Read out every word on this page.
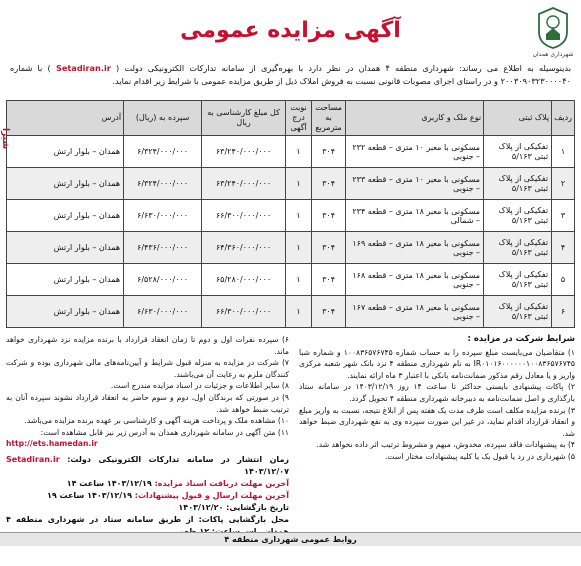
شیرا
شهرداری همدان
آگهی مزایده عمومی
بدینوسیله به اطلاع می رساند: شهرداری منطقه ۴ همدان در نظر دارد با بهره‌گیری از سامانه تدارکات الکترونیکی دولت ( Setadiran.ir ) با شماره ۲۰۰۳۰۹۰۳۲۳۰۰۰۰۴۰ و در راستای اجرای مصوبات قانونی نسبت به فروش املاک ذیل از طریق مزایده عمومی با شرایط زیر اقدام نماید.
ردیف	پلاک ثبتی	نوع ملک و کاربری	مساحت به مترمربع	نوبت درج آگهی	کل مبلغ کارشناسی به ریال	سپرده به (ریال)	آدرس
۱	تفکیکی از پلاک ثبتی ۵/۱۶۳	مسکونی با معبر ۱۰ متری – قطعه ۲۳۲ – جنوبی	۳۰۴	۱	۶۳/۲۴۰/۰۰۰/۰۰۰	۶/۳۲۴/۰۰۰/۰۰۰	همدان – بلوار ارتش
۲	تفکیکی از پلاک ثبتی ۵/۱۶۳	مسکونی با معبر ۱۰ متری – قطعه ۲۳۳ – جنوبی	۳۰۴	۱	۶۳/۲۴۰/۰۰۰/۰۰۰	۶/۳۲۴/۰۰۰/۰۰۰	همدان – بلوار ارتش
۳	تفکیکی از پلاک ثبتی ۵/۱۶۳	مسکونی با معبر ۱۸ متری – قطعه ۲۳۴ – شمالی	۳۰۴	۱	۶۶/۳۰۰/۰۰۰/۰۰۰	۶/۶۳۰/۰۰۰/۰۰۰	همدان – بلوار ارتش
۴	تفکیکی از پلاک ثبتی ۵/۱۶۳	مسکونی با معبر ۱۸ متری – قطعه ۱۶۹ – جنوبی	۳۰۴	۱	۶۴/۳۶۰/۰۰۰/۰۰۰	۶/۴۳۶/۰۰۰/۰۰۰	همدان – بلوار ارتش
۵	تفکیکی از پلاک ثبتی ۵/۱۶۳	مسکونی با معبر ۱۸ متری – قطعه ۱۶۸ – جنوبی	۳۰۴	۱	۶۵/۲۸۰/۰۰۰/۰۰۰	۶/۵۲۸/۰۰۰/۰۰۰	همدان – بلوار ارتش
۶	تفکیکی از پلاک ثبتی ۵/۱۶۳	مسکونی با معبر ۱۸ متری – قطعه ۱۶۷ – جنوبی	۳۰۴	۱	۶۶/۳۰۰/۰۰۰/۰۰۰	۶/۶۳۰/۰۰۰/۰۰۰	همدان – بلوار ارتش
شرایط شرکت در مزایده :

۱) متقاضیان می‌بایست مبلغ سپرده را به حساب شماره ۱۰۰۸۳۶۵۷۶۷۴۵ و شماره شبا IR۰۱۰۱۶۰۰۰۰۰۰۱۰۰۸۳۶۵۷۶۷۴۵ به نام شهرداری منطقه ۴ نزد بانک شهر شعبه مرکزی واریز و یا معادل رقم مذکور ضمانت‌نامه بانکی با اعتبار ۳ ماه ارائه نمایند.

۲) پاکات پیشنهادی بایستی حداکثر تا ساعت ۱۴ روز ۱۴۰۳/۱۲/۱۹ در سامانه ستاد بارگذاری و اصل ضمانت‌نامه به دبیرخانه شهرداری منطقه ۴ تحویل گردد.

۳) برنده مزایده مکلف است ظرف مدت یک هفته پس از ابلاغ نتیجه، نسبت به واریز مبلغ و انعقاد قرارداد اقدام نماید، در غیر این صورت سپرده وی به نفع شهرداری ضبط خواهد شد.

۴) به پیشنهادات فاقد سپرده، مخدوش، مبهم و مشروط ترتیب اثر داده نخواهد شد.

۵) شهرداری در رد یا قبول یک یا کلیه پیشنهادات مختار است.

۶) سپرده نفرات اول و دوم تا زمان انعقاد قرارداد با برنده مزایده نزد شهرداری خواهد ماند.

۷) شرکت در مزایده به منزله قبول شرایط و آیین‌نامه‌های مالی شهرداری بوده و شرکت کنندگان ملزم به رعایت آن می‌باشند.

۸) سایر اطلاعات و جزئیات در اسناد مزایده مندرج است.

۹) در صورتی که برندگان اول، دوم و سوم حاضر به انعقاد قرارداد نشوند سپرده آنان به ترتیب ضبط خواهد شد.

۱۰) مشاهده ملک و پرداخت هزینه آگهی و کارشناسی بر عهده برنده مزایده می‌باشد.

۱۱) متن آگهی در سامانه شهرداری همدان به آدرس زیر نیز قابل مشاهده است:

http://ets.hamedan.ir

زمان انتشار در سامانه تدارکات الکترونیکی دولت: Setadiran.ir ۱۴۰۳/۱۲/۰۷
آخرین مهلت دریافت اسناد مزایده: ۱۴۰۳/۱۲/۱۹ ساعت ۱۴
آخرین مهلت ارسال و قبول پیشنهادات: ۱۴۰۳/۱۲/۱۹ ساعت ۱۹
تاریخ بازگشایی: ۱۴۰۳/۱۲/۲۰
محل بازگشایی پاکات: از طریق سامانه ستاد در شهرداری منطقه ۴
روابط عمومی شهرداری منطقه ۴
